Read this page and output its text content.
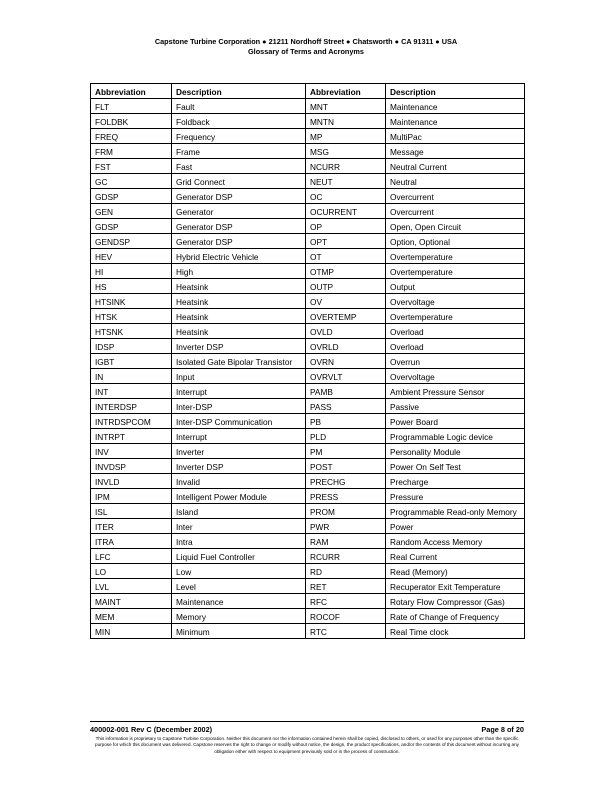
Capstone Turbine Corporation ● 21211 Nordhoff Street ● Chatsworth ● CA 91311 ● USA
Glossary of Terms and Acronyms
Abbreviation	Description	Abbreviation	Description
FLT	Fault	MNT	Maintenance
FOLDBK	Foldback	MNTN	Maintenance
FREQ	Frequency	MP	MultiPac
FRM	Frame	MSG	Message
FST	Fast	NCURR	Neutral Current
GC	Grid Connect	NEUT	Neutral
GDSP	Generator DSP	OC	Overcurrent
GEN	Generator	OCURRENT	Overcurrent
GDSP	Generator DSP	OP	Open, Open Circuit
GENDSP	Generator DSP	OPT	Option, Optional
HEV	Hybrid Electric Vehicle	OT	Overtemperature
HI	High	OTMP	Overtemperature
HS	Heatsink	OUTP	Output
HTSINK	Heatsink	OV	Overvoltage
HTSK	Heatsink	OVERTEMP	Overtemperature
HTSNK	Heatsink	OVLD	Overload
IDSP	Inverter DSP	OVRLD	Overload
IGBT	Isolated Gate Bipolar Transistor	OVRN	Overrun
IN	Input	OVRVLT	Overvoltage
INT	Interrupt	PAMB	Ambient Pressure Sensor
INTERDSP	Inter-DSP	PASS	Passive
INTRDSPCOM	Inter-DSP Communication	PB	Power Board
INTRPT	Interrupt	PLD	Programmable Logic device
INV	Inverter	PM	Personality Module
INVDSP	Inverter DSP	POST	Power On Self Test
INVLD	Invalid	PRECHG	Precharge
IPM	Intelligent Power Module	PRESS	Pressure
ISL	Island	PROM	Programmable Read-only Memory
ITER	Inter	PWR	Power
ITRA	Intra	RAM	Random Access Memory
LFC	Liquid Fuel Controller	RCURR	Real Current
LO	Low	RD	Read (Memory)
LVL	Level	RET	Recuperator Exit Temperature
MAINT	Maintenance	RFC	Rotary Flow Compressor (Gas)
MEM	Memory	ROCOF	Rate of Change of Frequency
MIN	Minimum	RTC	Real Time clock
400002-001 Rev C (December 2002)	Page 8 of 20
This information is proprietary to Capstone Turbine Corporation. Neither this document nor the information contained herein shall be copied, disclosed to others, or used for any purposes other than the specific purpose for which this document was delivered. Capstone reserves the right to change or modify without notice, the design, the product specifications, and/or the contents of this document without incurring any obligation either with respect to equipment previously sold or in the process of construction.
